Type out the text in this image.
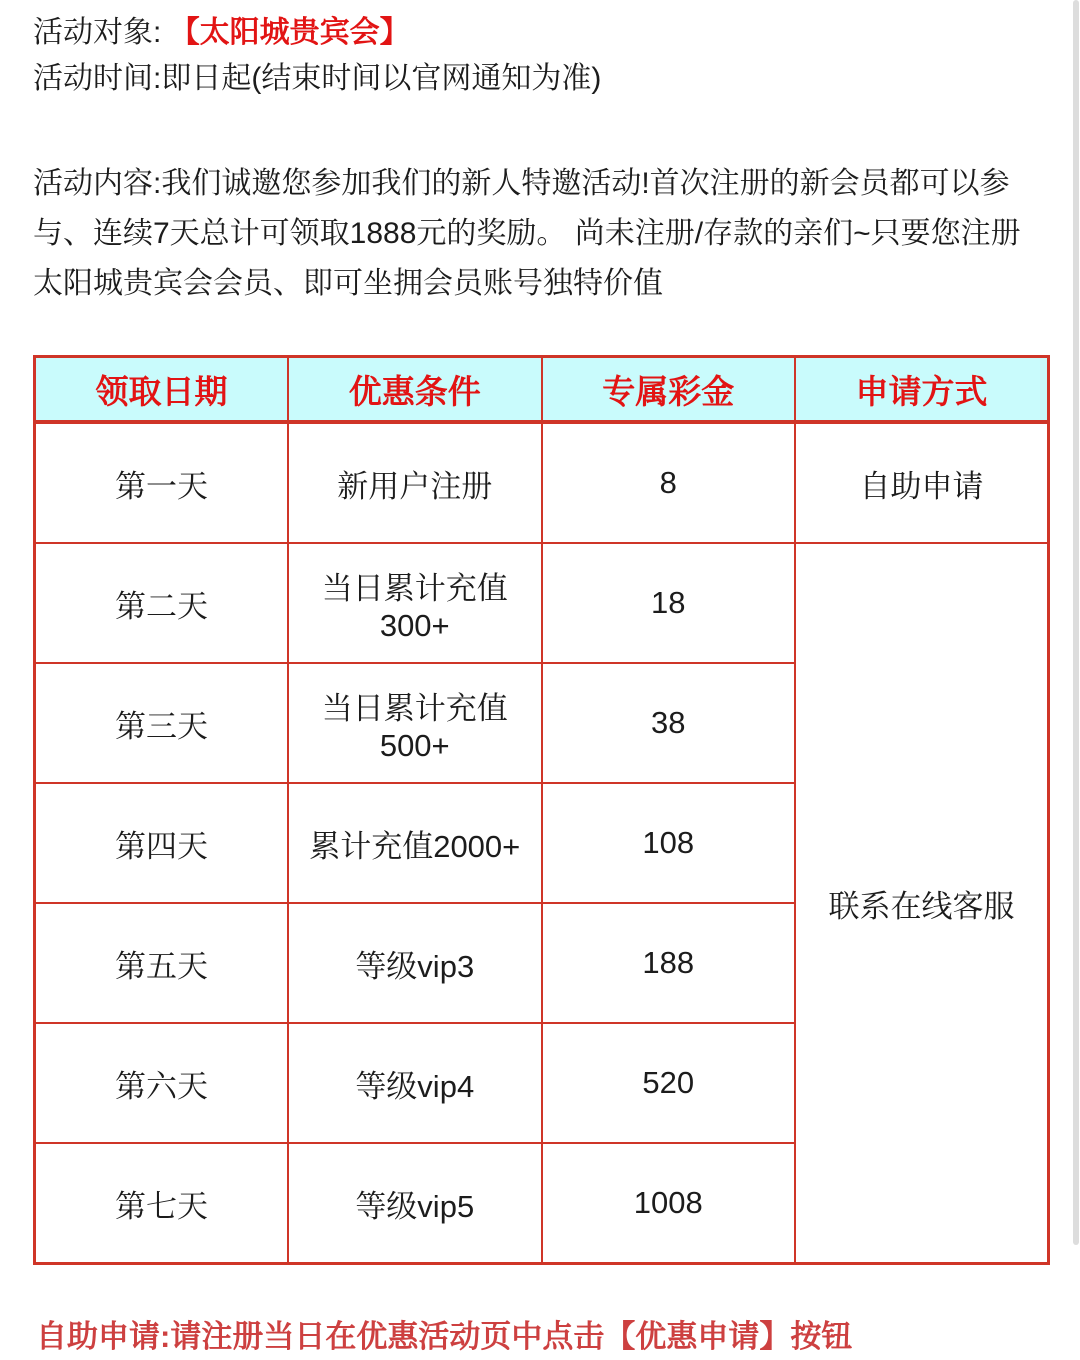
活动对象: 【太阳城贵宾会】
活动时间:即日起(结束时间以官网通知为准)
活动内容:我们诚邀您参加我们的新人特邀活动!首次注册的新会员都可以参与、连续7天总计可领取1888元的奖励。 尚未注册/存款的亲们~只要您注册太阳城贵宾会会员、即可坐拥会员账号独特价值
领取日期	优惠条件	专属彩金	申请方式
第一天	新用户注册	8	自助申请
第二天	当日累计充值300+	18	联系在线客服
第三天	当日累计充值500+	38	
第四天	累计充值2000+	108	
第五天	等级vip3	188	
第六天	等级vip4	520	
第七天	等级vip5	1008	
自助申请:请注册当日在优惠活动页中点击【优惠申请】按钮
